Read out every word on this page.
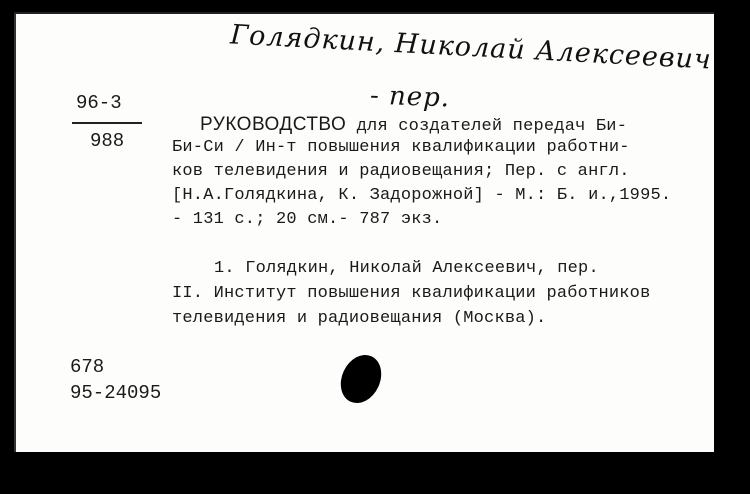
Голядкин, Николай Алексеевич
- пер.
96-3
988
РУКОВОДСТВО для создателей передач Би-
Би-Си / Ин-т повышения квалификации работни-
ков телевидения и радиовещания; Пер. с англ.
[Н.А.Голядкина, К. Задорожной] - М.: Б. и.,1995.
- 131 с.; 20 см.- 787 экз.
1. Голядкин, Николай Алексеевич, пер.
II. Институт повышения квалификации работников
телевидения и радиовещания (Москва).
678
95-24095
